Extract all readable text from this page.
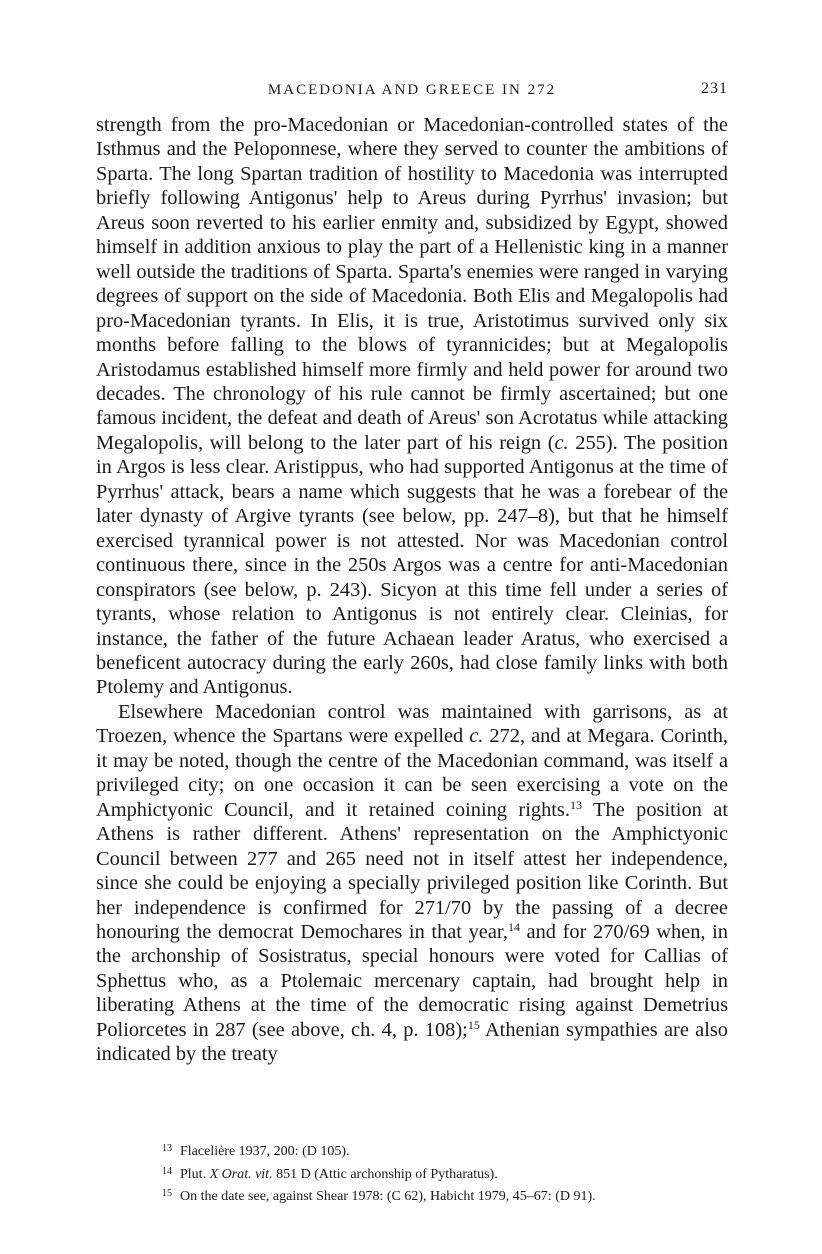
MACEDONIA AND GREECE IN 272	231

strength from the pro-Macedonian or Macedonian-controlled states of the Isthmus and the Peloponnese, where they served to counter the ambitions of Sparta. The long Spartan tradition of hostility to Macedonia was interrupted briefly following Antigonus' help to Areus during Pyrrhus' invasion; but Areus soon reverted to his earlier enmity and, subsidized by Egypt, showed himself in addition anxious to play the part of a Hellenistic king in a manner well outside the traditions of Sparta. Sparta's enemies were ranged in varying degrees of support on the side of Macedonia. Both Elis and Megalopolis had pro-Macedonian tyrants. In Elis, it is true, Aristotimus survived only six months before falling to the blows of tyrannicides; but at Megalopolis Aristodamus established himself more firmly and held power for around two decades. The chronology of his rule cannot be firmly ascertained; but one famous incident, the defeat and death of Areus' son Acrotatus while attacking Megalopolis, will belong to the later part of his reign (c. 255). The position in Argos is less clear. Aristippus, who had supported Antigonus at the time of Pyrrhus' attack, bears a name which suggests that he was a forebear of the later dynasty of Argive tyrants (see below, pp. 247–8), but that he himself exercised tyrannical power is not attested. Nor was Macedonian control continuous there, since in the 250s Argos was a centre for anti-Macedonian conspirators (see below, p. 243). Sicyon at this time fell under a series of tyrants, whose relation to Antigonus is not entirely clear. Cleinias, for instance, the father of the future Achaean leader Aratus, who exercised a beneficent autocracy during the early 260s, had close family links with both Ptolemy and Antigonus.

Elsewhere Macedonian control was maintained with garrisons, as at Troezen, whence the Spartans were expelled c. 272, and at Megara. Corinth, it may be noted, though the centre of the Macedonian command, was itself a privileged city; on one occasion it can be seen exercising a vote on the Amphictyonic Council, and it retained coining rights.$^{13}$ The position at Athens is rather different. Athens' representation on the Amphictyonic Council between 277 and 265 need not in itself attest her independence, since she could be enjoying a specially privileged position like Corinth. But her independence is confirmed for 271/70 by the passing of a decree honouring the democrat Demochares in that year,$^{14}$ and for 270/69 when, in the archonship of Sosistratus, special honours were voted for Callias of Sphettus who, as a Ptolemaic mercenary captain, had brought help in liberating Athens at the time of the democratic rising against Demetrius Poliorcetes in 287 (see above, ch. 4, p. 108);$^{15}$ Athenian sympathies are also indicated by the treaty

13 Flacelière 1937, 200: (D 105).

14 Plut. X Orat. vit. 851 D (Attic archonship of Pytharatus).

15 On the date see, against Shear 1978: (C 62), Habicht 1979, 45–67: (D 91).
